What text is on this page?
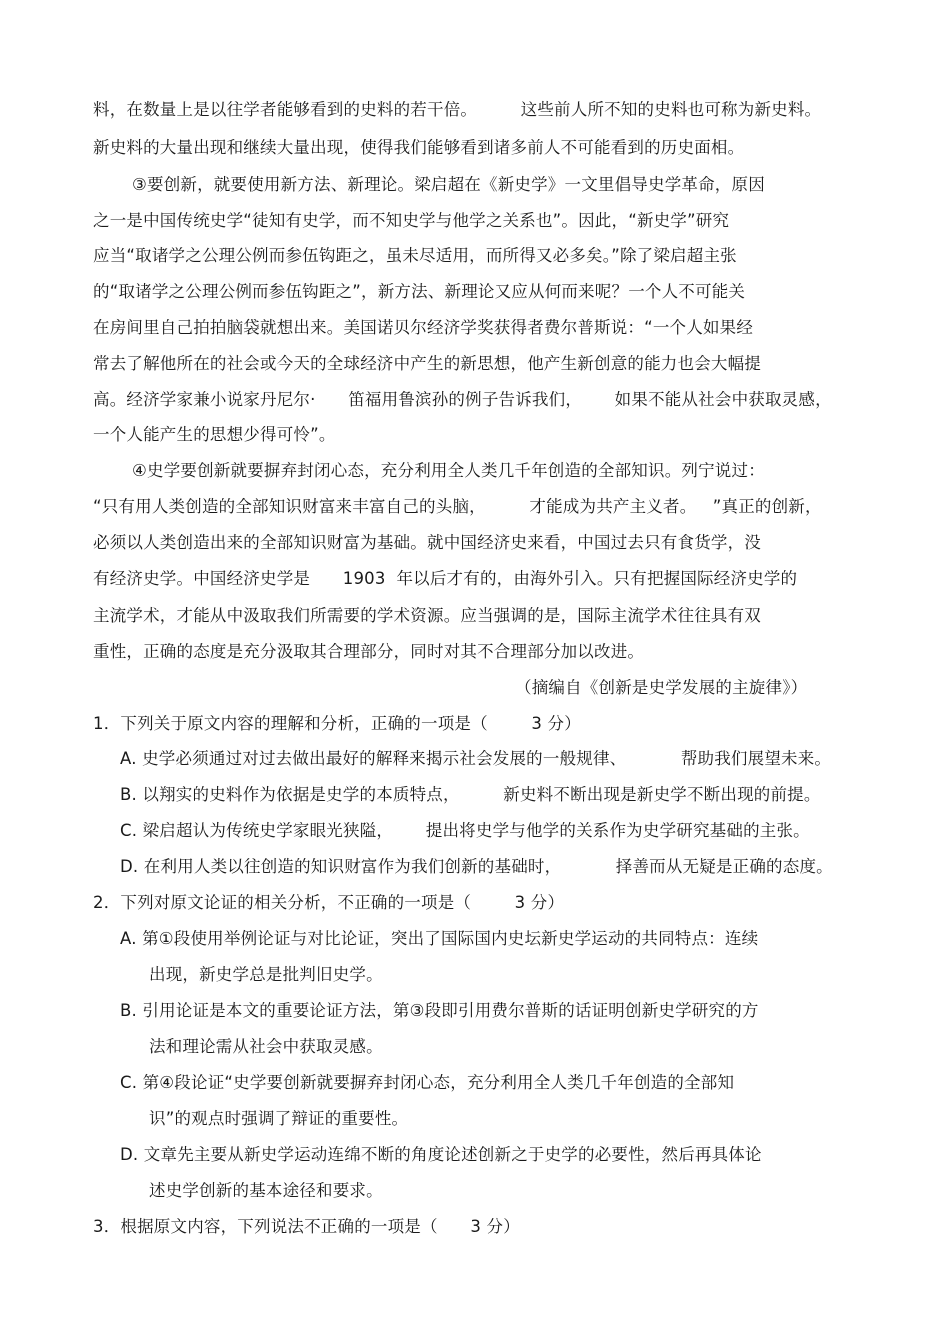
料，在数量上是以往学者能够看到的史料的若干倍。        这些前人所不知的史料也可称为新史料。
新史料的大量出现和继续大量出现，使得我们能够看到诸多前人不可能看到的历史面相。
③要创新，就要使用新方法、新理论。梁启超在《新史学》一文里倡导史学革命，原因
之一是中国传统史学“徒知有史学，而不知史学与他学之关系也”。因此，“新史学”研究
应当“取诸学之公理公例而参伍钩距之，虽未尽适用，而所得又必多矣。”除了梁启超主张
的“取诸学之公理公例而参伍钩距之”，新方法、新理论又应从何而来呢？一个人不可能关
在房间里自己拍拍脑袋就想出来。美国诺贝尔经济学奖获得者费尔普斯说：“一个人如果经
常去了解他所在的社会或今天的全球经济中产生的新思想，他产生新创意的能力也会大幅提
高。经济学家兼小说家丹尼尔·      笛福用鲁滨孙的例子告诉我们，      如果不能从社会中获取灵感，
一个人能产生的思想少得可怜”。
④史学要创新就要摒弃封闭心态，充分利用全人类几千年创造的全部知识。列宁说过：
“只有用人类创造的全部知识财富来丰富自己的头脑，        才能成为共产主义者。   ”真正的创新，
必须以人类创造出来的全部知识财富为基础。就中国经济史来看，中国过去只有食货学，没
有经济史学。中国经济史学是      1903  年以后才有的，由海外引入。只有把握国际经济史学的
主流学术，才能从中汲取我们所需要的学术资源。应当强调的是，国际主流学术往往具有双
重性，正确的态度是充分汲取其合理部分，同时对其不合理部分加以改进。
（摘编自《创新是史学发展的主旋律》）
1．下列关于原文内容的理解和分析，正确的一项是（        3 分）
A. 史学必须通过对过去做出最好的解释来揭示社会发展的一般规律、          帮助我们展望未来。
B. 以翔实的史料作为依据是史学的本质特点，        新史料不断出现是新史学不断出现的前提。
C. 梁启超认为传统史学家眼光狭隘，      提出将史学与他学的关系作为史学研究基础的主张。
D. 在利用人类以往创造的知识财富作为我们创新的基础时，          择善而从无疑是正确的态度。
2．下列对原文论证的相关分析，不正确的一项是（        3 分）
A. 第①段使用举例论证与对比论证，突出了国际国内史坛新史学运动的共同特点：连续
出现，新史学总是批判旧史学。
B. 引用论证是本文的重要论证方法，第③段即引用费尔普斯的话证明创新史学研究的方
法和理论需从社会中获取灵感。
C. 第④段论证“史学要创新就要摒弃封闭心态，充分利用全人类几千年创造的全部知
识”的观点时强调了辩证的重要性。
D. 文章先主要从新史学运动连绵不断的角度论述创新之于史学的必要性，然后再具体论
述史学创新的基本途径和要求。
3．根据原文内容，下列说法不正确的一项是（      3 分）
